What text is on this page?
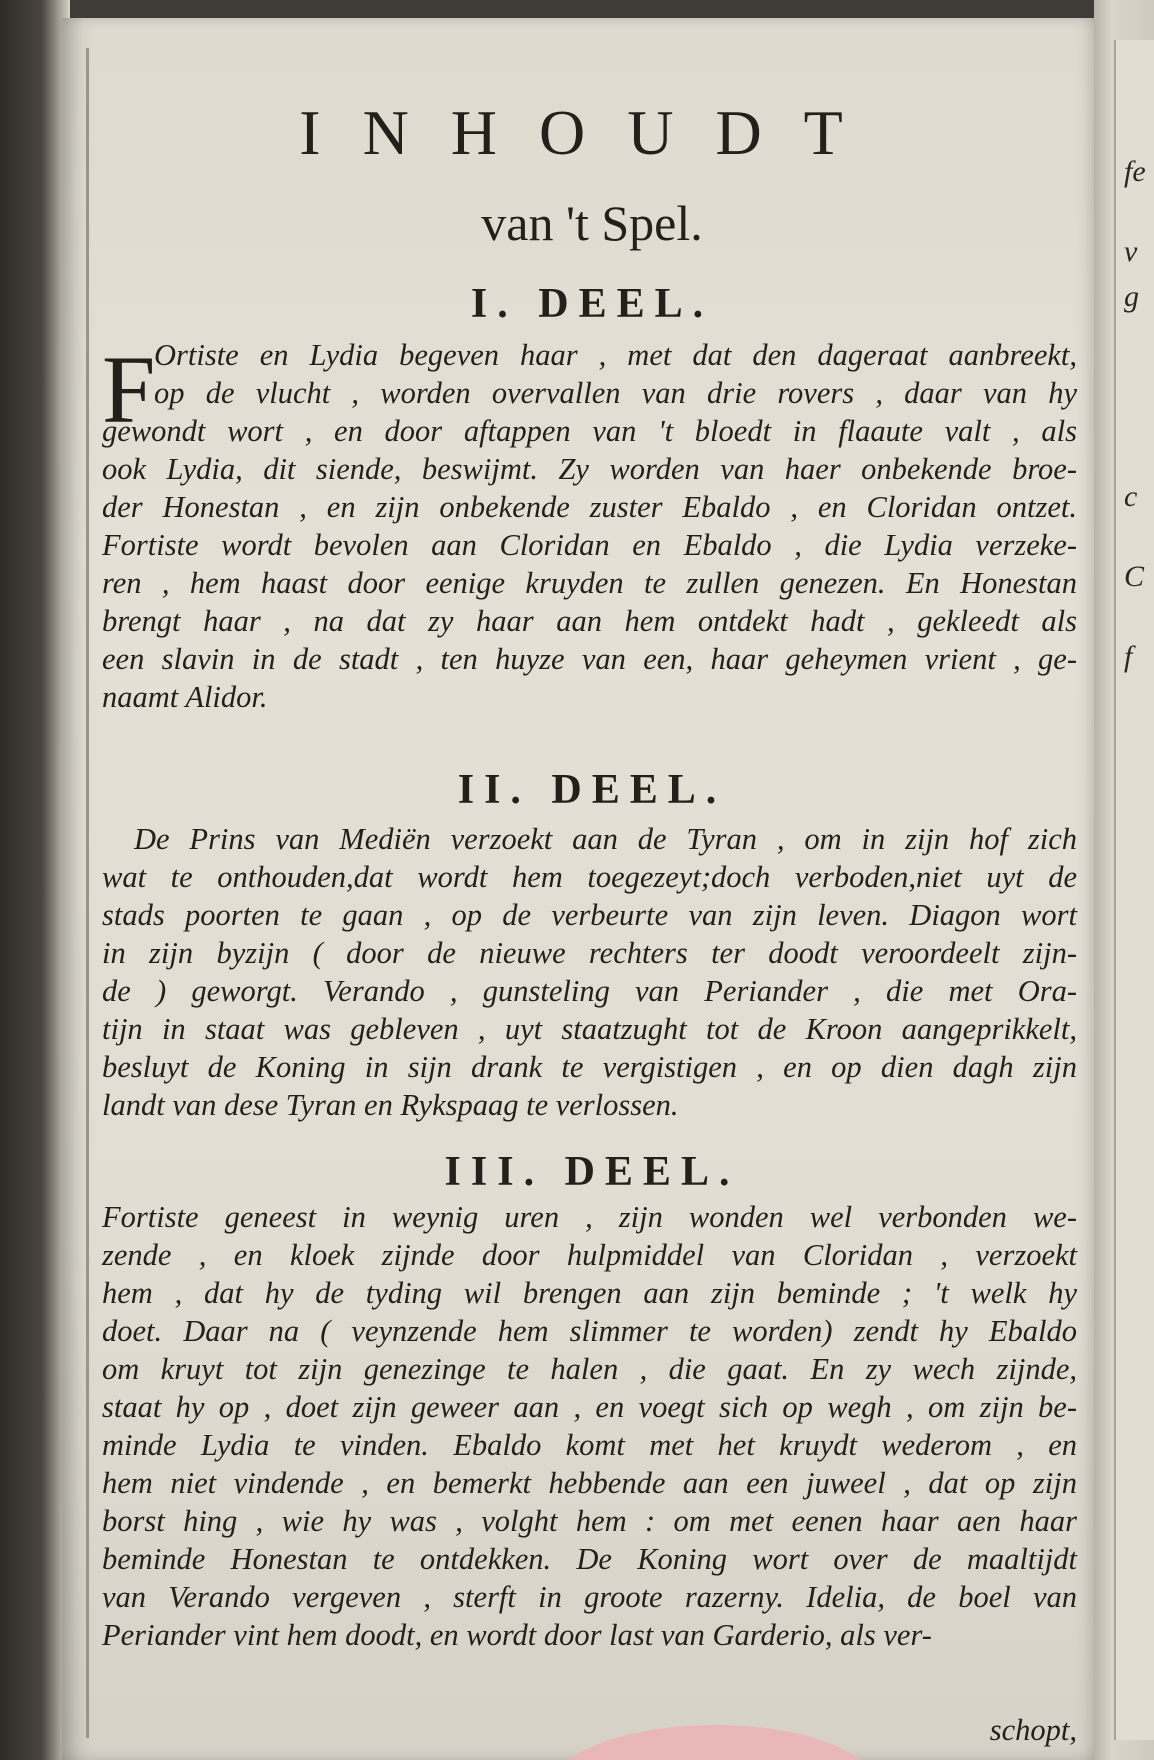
fe
v
g
c
C
f
INHOUDT
van 't Spel.
I. DEEL.
F
Ortiste en Lydia begeven haar , met dat den dageraat aanbreekt,
op de vlucht , worden overvallen van drie rovers , daar van hy
gewondt wort , en door aftappen van 't bloedt in flaaute valt , als
ook Lydia, dit siende, beswijmt. Zy worden van haer onbekende broe-
der Honestan , en zijn onbekende zuster Ebaldo , en Cloridan ontzet.
Fortiste wordt bevolen aan Cloridan en Ebaldo , die Lydia verzeke-
ren , hem haast door eenige kruyden te zullen genezen. En Honestan
brengt haar , na dat zy haar aan hem ontdekt hadt , gekleedt als
een slavin in de stadt , ten huyze van een, haar geheymen vrient , ge-
naamt Alidor.
II. DEEL.
De Prins van Mediën verzoekt aan de Tyran , om in zijn hof zich
wat te onthouden,dat wordt hem toegezeyt;doch verboden,niet uyt de
stads poorten te gaan , op de verbeurte van zijn leven. Diagon wort
in zijn byzijn ( door de nieuwe rechters ter doodt veroordeelt zijn-
de ) geworgt. Verando , gunsteling van Periander , die met Ora-
tijn in staat was gebleven , uyt staatzught tot de Kroon aangeprikkelt,
besluyt de Koning in sijn drank te vergistigen , en op dien dagh zijn
landt van dese Tyran en Rykspaag te verlossen.
III. DEEL.
Fortiste geneest in weynig uren , zijn wonden wel verbonden we-
zende , en kloek zijnde door hulpmiddel van Cloridan , verzoekt
hem , dat hy de tyding wil brengen aan zijn beminde ; 't welk hy
doet. Daar na ( veynzende hem slimmer te worden) zendt hy Ebaldo
om kruyt tot zijn genezinge te halen , die gaat. En zy wech zijnde,
staat hy op , doet zijn geweer aan , en voegt sich op wegh , om zijn be-
minde Lydia te vinden. Ebaldo komt met het kruydt wederom , en
hem niet vindende , en bemerkt hebbende aan een juweel , dat op zijn
borst hing , wie hy was , volght hem : om met eenen haar aen haar
beminde Honestan te ontdekken. De Koning wort over de maaltijdt
van Verando vergeven , sterft in groote razerny. Idelia, de boel van
Periander vint hem doodt, en wordt door last van Garderio, als ver-
schopt,
